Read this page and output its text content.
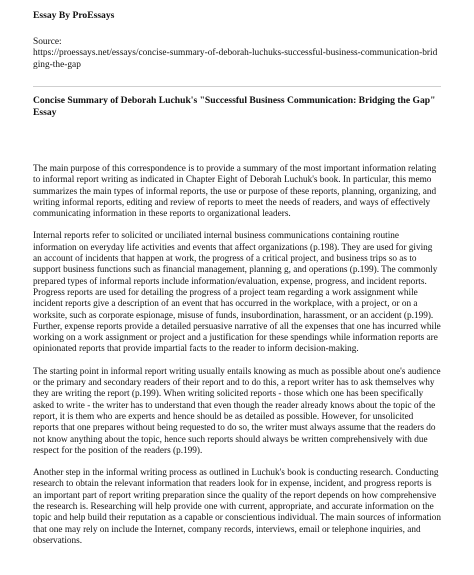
Essay By ProEssays
Source:
https://proessays.net/essays/concise-summary-of-deborah-luchuks-successful-business-communication-bridging-the-gap
Concise Summary of Deborah Luchuk's "Successful Business Communication: Bridging the Gap" Essay

The main purpose of this correspondence is to provide a summary of the most important information relating to informal report writing as indicated in Chapter Eight of Deborah Luchuk's book. In particular, this memo summarizes the main types of informal reports, the use or purpose of these reports, planning, organizing, and writing informal reports, editing and review of reports to meet the needs of readers, and ways of effectively communicating information in these reports to organizational leaders.

Internal reports refer to solicited or unciliated internal business communications containing routine information on everyday life activities and events that affect organizations (p.198). They are used for giving an account of incidents that happen at work, the progress of a critical project, and business trips so as to support business functions such as financial management, planning g, and operations (p.199). The commonly prepared types of informal reports include information/evaluation, expense, progress, and incident reports. Progress reports are used for detailing the progress of a project team regarding a work assignment while incident reports give a description of an event that has occurred in the workplace, with a project, or on a worksite, such as corporate espionage, misuse of funds, insubordination, harassment, or an accident (p.199). Further, expense reports provide a detailed persuasive narrative of all the expenses that one has incurred while working on a work assignment or project and a justification for these spendings while information reports are opinionated reports that provide impartial facts to the reader to inform decision-making.

The starting point in informal report writing usually entails knowing as much as possible about one's audience or the primary and secondary readers of their report and to do this, a report writer has to ask themselves why they are writing the report (p.199). When writing solicited reports - those which one has been specifically asked to write - the writer has to understand that even though the reader already knows about the topic of the report, it is them who are experts and hence should be as detailed as possible. However, for unsolicited reports that one prepares without being requested to do so, the writer must always assume that the readers do not know anything about the topic, hence such reports should always be written comprehensively with due respect for the position of the readers (p.199).

Another step in the informal writing process as outlined in Luchuk's book is conducting research. Conducting research to obtain the relevant information that readers look for in expense, incident, and progress reports is an important part of report writing preparation since the quality of the report depends on how comprehensive the research is. Researching will help provide one with current, appropriate, and accurate information on the topic and help build their reputation as a capable or conscientious individual. The main sources of information that one may rely on include the Internet, company records, interviews, email or telephone inquiries, and observations.
